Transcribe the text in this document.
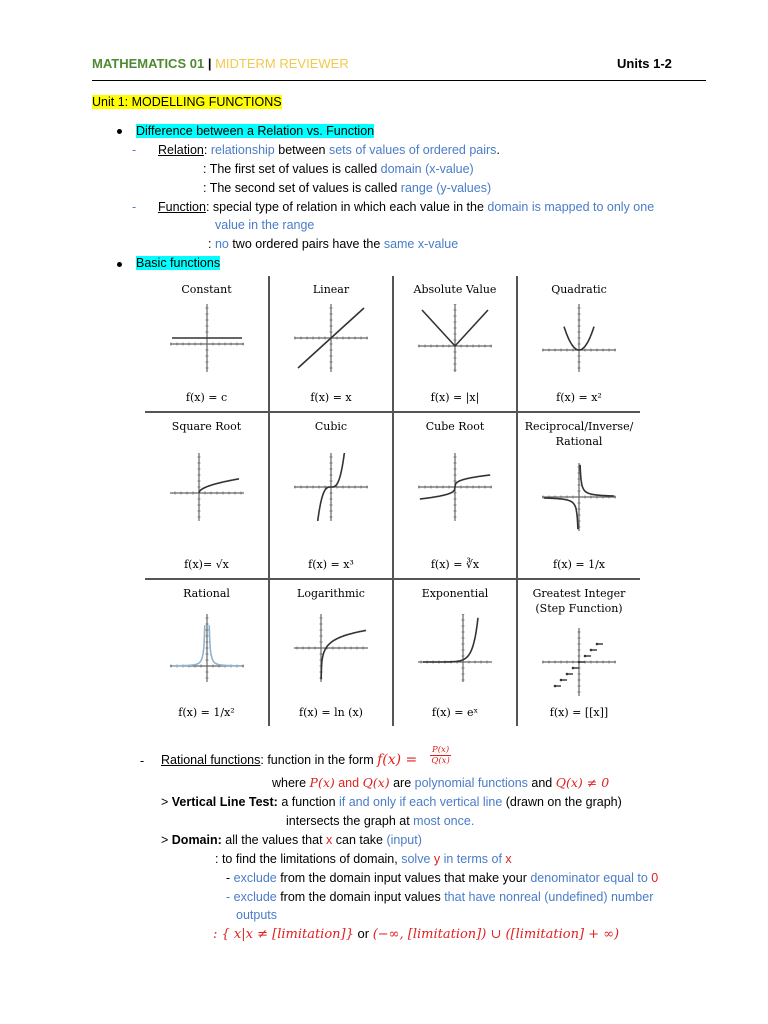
MATHEMATICS 01 | MIDTERM REVIEWER	Units 1-2
Unit 1: MODELLING FUNCTIONS
Difference between a Relation vs. Function
- Relation: relationship between sets of values of ordered pairs.
: The first set of values is called domain (x-value)
: The second set of values is called range (y-values)
- Function: special type of relation in which each value in the domain is mapped to only one
value in the range
: no two ordered pairs have the same x-value
Basic functions
Constant
f(x) = c
Linear
f(x) = x
Absolute Value
f(x) = |x|
Quadratic
f(x) = x²
Square Root
f(x)= √x
Cubic
f(x) = x³
Cube Root
f(x) = ∛x
Reciprocal/Inverse/
Rational
f(x) = 1/x
Rational
f(x) = 1/x²
Logarithmic
f(x) = ln (x)
Exponential
f(x) = eˣ
Greatest Integer
(Step Function)
f(x) = [[x]]
- Rational functions: function in the form $f(x) = \frac{P(x)}{Q(x)}$
where P(x) and Q(x) are polynomial functions and Q(x) ≠ 0
> Vertical Line Test: a function if and only if each vertical line (drawn on the graph)
intersects the graph at most once.
> Domain: all the values that x can take (input)
: to find the limitations of domain, solve y in terms of x
- exclude from the domain input values that make your denominator equal to 0
- exclude from the domain input values that have nonreal (undefined) number
outputs
: { x|x ≠ [limitation]} or (−∞, [limitation]) ∪ ([limitation] + ∞)
